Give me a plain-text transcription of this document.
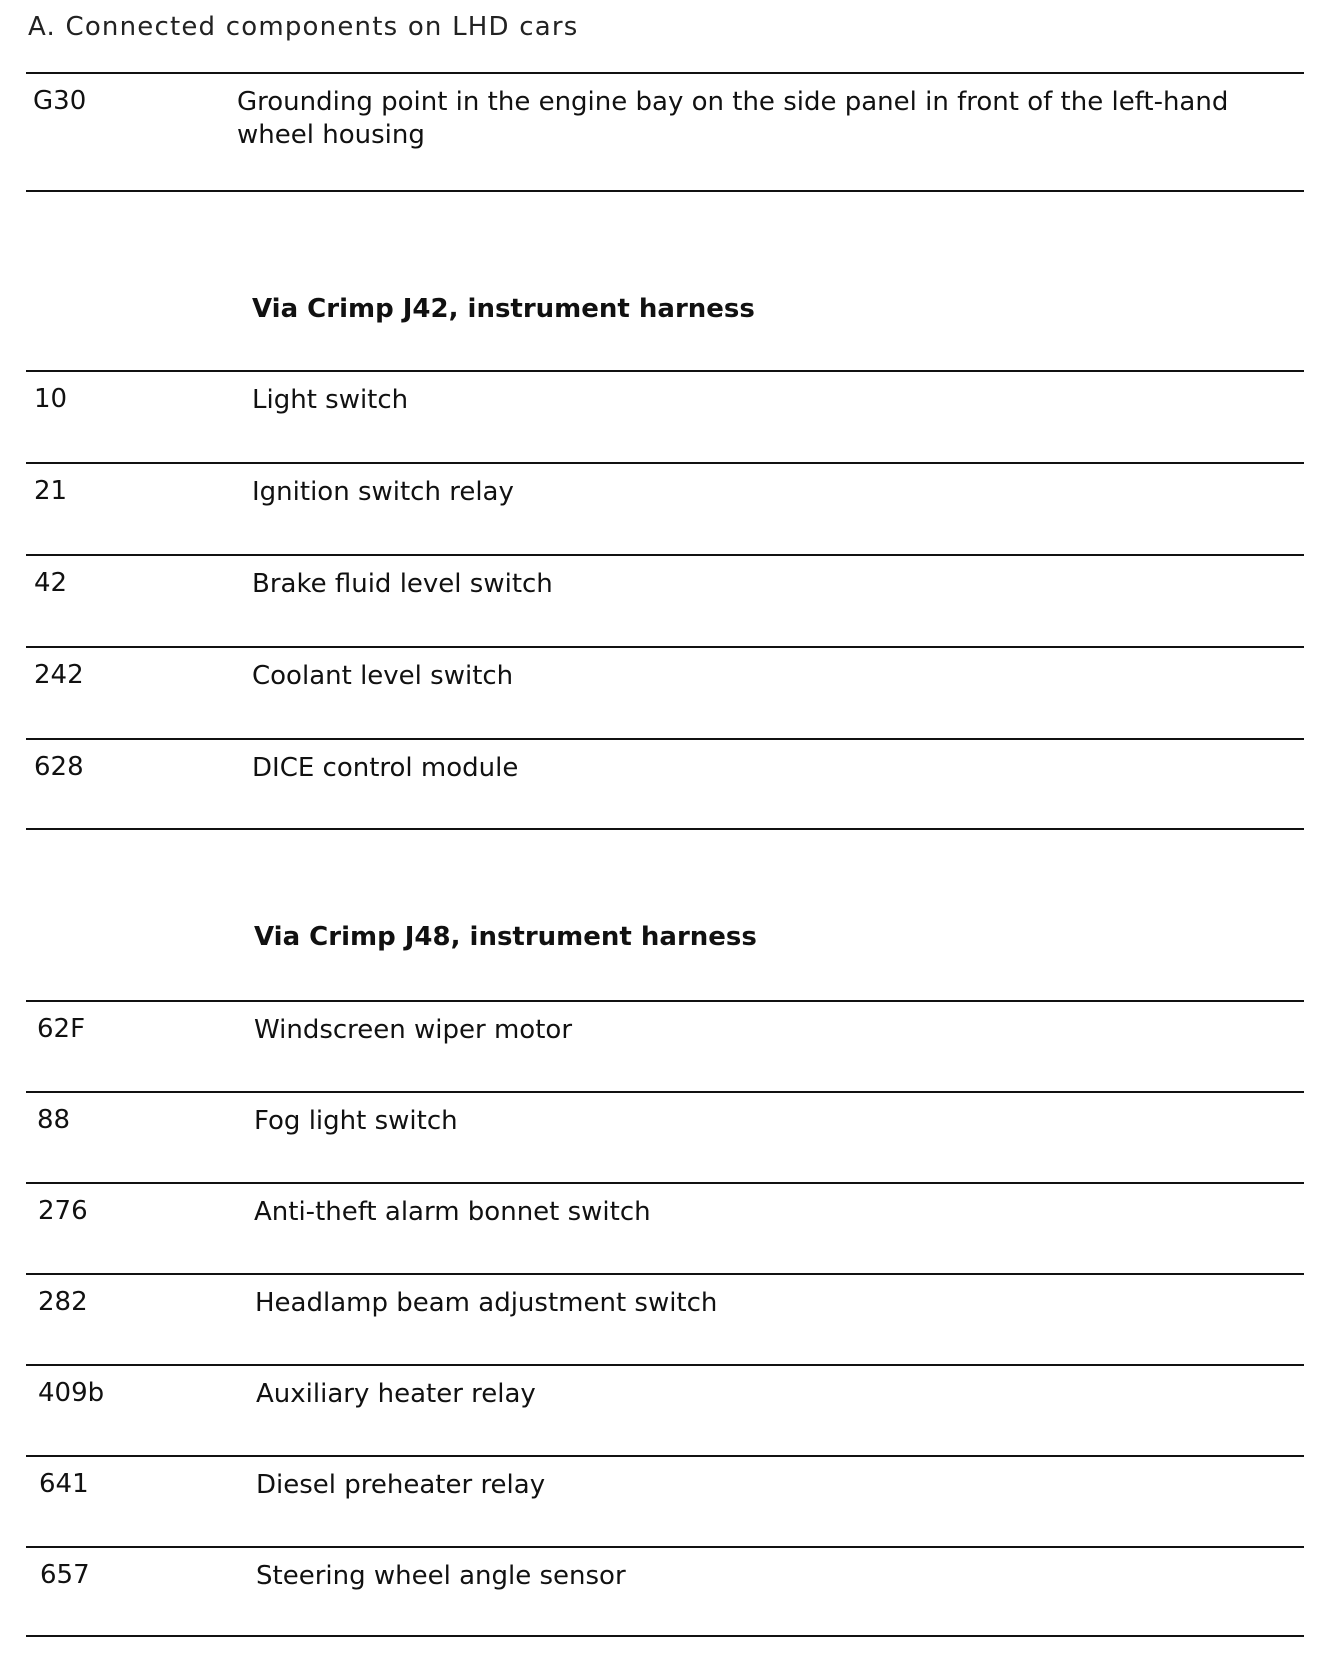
A. Connected components on LHD cars
G30	Grounding point in the engine bay on the side panel in front of the left-hand wheel housing
Via Crimp J42, instrument harness
10	Light switch
21	Ignition switch relay
42	Brake fluid level switch
242	Coolant level switch
628	DICE control module
Via Crimp J48, instrument harness
62F	Windscreen wiper motor
88	Fog light switch
276	Anti-theft alarm bonnet switch
282	Headlamp beam adjustment switch
409b	Auxiliary heater relay
641	Diesel preheater relay
657	Steering wheel angle sensor
